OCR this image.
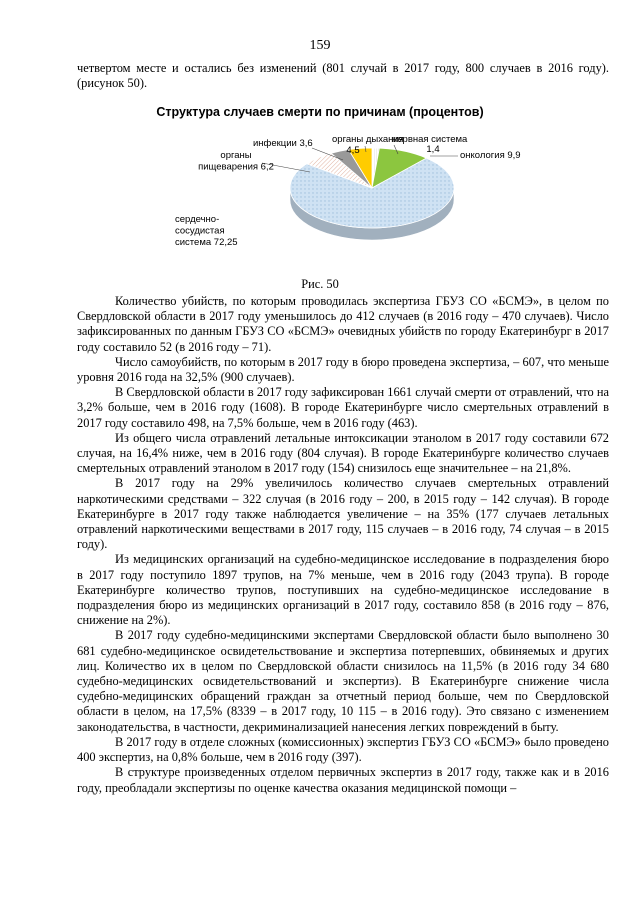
159

четвертом месте и остались без изменений (801 случай в 2017 году, 800 случаев в 2016 году). (рисунок 50).

Структура случаев смерти по причинам (процентов)
нервная система
1,4
онкология 9,9
сердечно-сосудистая система 72,25
органы пищеварения 6,2
инфекции 3,6 органы дыхания
4,5
Рис. 50

Количество убийств, по которым проводилась экспертиза ГБУЗ СО «БСМЭ», в целом по Свердловской области в 2017 году уменьшилось до 412 случаев (в 2016 году – 470 случаев). Число зафиксированных по данным ГБУЗ СО «БСМЭ» очевидных убийств по городу Екатеринбург в 2017 году составило 52 (в 2016 году – 71).

Число самоубийств, по которым в 2017 году в бюро проведена экспертиза, – 607, что меньше уровня 2016 года на 32,5% (900 случаев).

В Свердловской области в 2017 году зафиксирован 1661 случай смерти от отравлений, что на 3,2% больше, чем в 2016 году (1608). В городе Екатеринбурге число смертельных отравлений в 2017 году составило 498, на 7,5% больше, чем в 2016 году (463).

Из общего числа отравлений летальные интоксикации этанолом в 2017 году составили 672 случая, на 16,4% ниже, чем в 2016 году (804 случая). В городе Екатеринбурге количество случаев смертельных отравлений этанолом в 2017 году (154) снизилось еще значительнее – на 21,8%.

В 2017 году на 29% увеличилось количество случаев смертельных отравлений наркотическими средствами – 322 случая (в 2016 году – 200, в 2015 году – 142 случая). В городе Екатеринбурге в 2017 году также наблюдается увеличение – на 35% (177 случаев летальных отравлений наркотическими веществами в 2017 году, 115 случаев – в 2016 году, 74 случая – в 2015 году).

Из медицинских организаций на судебно-медицинское исследование в подразделения бюро в 2017 году поступило 1897 трупов, на 7% меньше, чем в 2016 году (2043 трупа). В городе Екатеринбурге количество трупов, поступивших на судебно-медицинское исследование в подразделения бюро из медицинских организаций в 2017 году, составило 858 (в 2016 году – 876, снижение на 2%).

В 2017 году судебно-медицинскими экспертами Свердловской области было выполнено 30 681 судебно-медицинское освидетельствование и экспертиза потерпевших, обвиняемых и других лиц. Количество их в целом по Свердловской области снизилось на 11,5% (в 2016 году 34 680 судебно-медицинских освидетельствований и экспертиз). В Екатеринбурге снижение числа судебно-медицинских обращений граждан за отчетный период больше, чем по Свердловской области в целом, на 17,5% (8339 – в 2017 году, 10 115 – в 2016 году). Это связано с изменением законодательства, в частности, декриминализацией нанесения легких повреждений в быту.

В 2017 году в отделе сложных (комиссионных) экспертиз ГБУЗ СО «БСМЭ» было проведено 400 экспертиз, на 0,8% больше, чем в 2016 году (397).

В структуре произведенных отделом первичных экспертиз в 2017 году, также как и в 2016 году, преобладали экспертизы по оценке качества оказания медицинской помощи –
